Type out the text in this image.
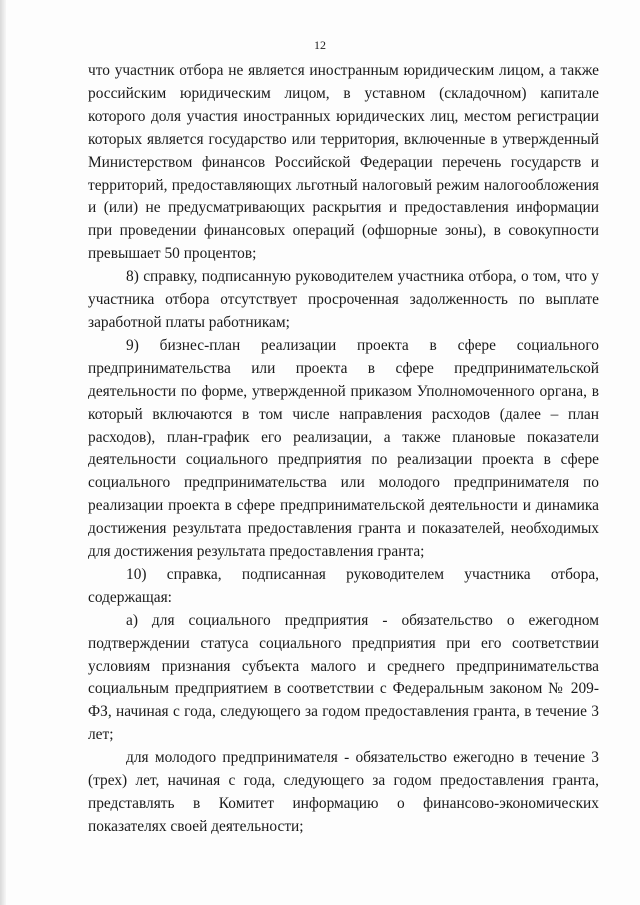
12

что участник отбора не является иностранным юридическим лицом, а также российским юридическим лицом, в уставном (складочном) капитале которого доля участия иностранных юридических лиц, местом регистрации которых является государство или территория, включенные в утвержденный Министерством финансов Российской Федерации перечень государств и территорий, предоставляющих льготный налоговый режим налогообложения и (или) не предусматривающих раскрытия и предоставления информации при проведении финансовых операций (офшорные зоны), в совокупности превышает 50 процентов;

8) справку, подписанную руководителем участника отбора, о том, что у участника отбора отсутствует просроченная задолженность по выплате заработной платы работникам;

9) бизнес-план реализации проекта в сфере социального предпринимательства или проекта в сфере предпринимательской деятельности по форме, утвержденной приказом Уполномоченного органа, в который включаются в том числе направления расходов (далее – план расходов), план-график его реализации, а также плановые показатели деятельности социального предприятия по реализации проекта в сфере социального предпринимательства или молодого предпринимателя по реализации проекта в сфере предпринимательской деятельности и динамика достижения результата предоставления гранта и показателей, необходимых для достижения результата предоставления гранта;

10) справка, подписанная руководителем участника отбора, содержащая:

а) для социального предприятия - обязательство о ежегодном подтверждении статуса социального предприятия при его соответствии условиям признания субъекта малого и среднего предпринимательства социальным предприятием в соответствии с Федеральным законом № 209-ФЗ, начиная с года, следующего за годом предоставления гранта, в течение 3 лет;

для молодого предпринимателя - обязательство ежегодно в течение 3 (трех) лет, начиная с года, следующего за годом предоставления гранта, представлять в Комитет информацию о финансово-экономических показателях своей деятельности;
